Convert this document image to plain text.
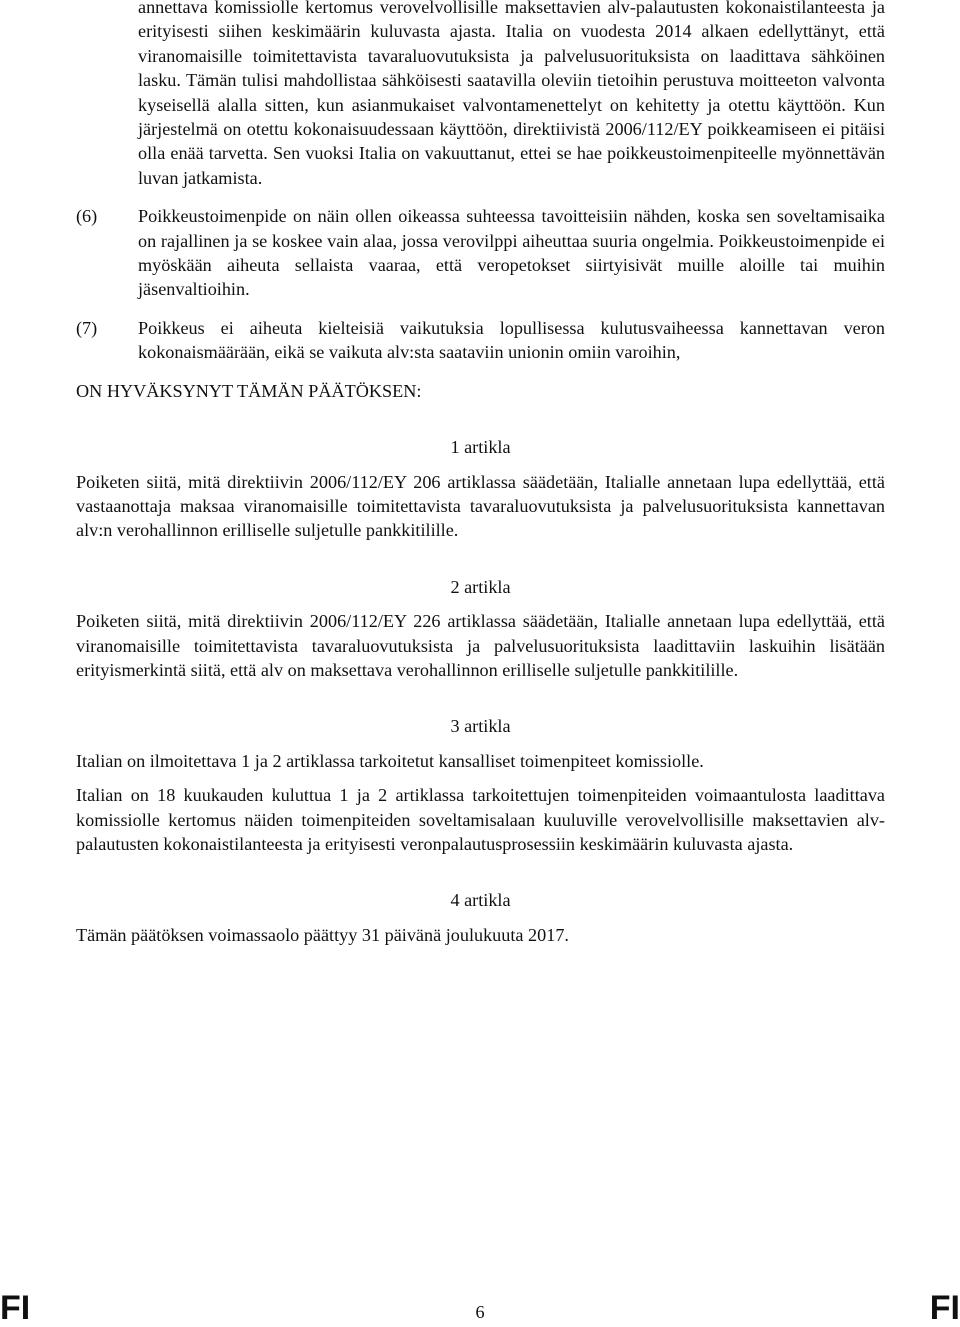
annettava komissiolle kertomus verovelvollisille maksettavien alv-palautusten kokonaistilanteesta ja erityisesti siihen keskimäärin kuluvasta ajasta. Italia on vuodesta 2014 alkaen edellyttänyt, että viranomaisille toimitettavista tavaraluovutuksista ja palvelusuorituksista on laadittava sähköinen lasku. Tämän tulisi mahdollistaa sähköisesti saatavilla oleviin tietoihin perustuva moitteeton valvonta kyseisellä alalla sitten, kun asianmukaiset valvontamenettelyt on kehitetty ja otettu käyttöön. Kun järjestelmä on otettu kokonaisuudessaan käyttöön, direktiivistä 2006/112/EY poikkeamiseen ei pitäisi olla enää tarvetta. Sen vuoksi Italia on vakuuttanut, ettei se hae poikkeustoimenpiteelle myönnettävän luvan jatkamista.

(6)	Poikkeustoimenpide on näin ollen oikeassa suhteessa tavoitteisiin nähden, koska sen soveltamisaika on rajallinen ja se koskee vain alaa, jossa verovilppi aiheuttaa suuria ongelmia. Poikkeustoimenpide ei myöskään aiheuta sellaista vaaraa, että veropetokset siirtyisivät muille aloille tai muihin jäsenvaltioihin.
(7)	Poikkeus ei aiheuta kielteisiä vaikutuksia lopullisessa kulutusvaiheessa kannettavan veron kokonaismäärään, eikä se vaikuta alv:sta saataviin unionin omiin varoihin,

ON HYVÄKSYNYT TÄMÄN PÄÄTÖKSEN:

1 artikla

Poiketen siitä, mitä direktiivin 2006/112/EY 206 artiklassa säädetään, Italialle annetaan lupa edellyttää, että vastaanottaja maksaa viranomaisille toimitettavista tavaraluovutuksista ja palvelusuorituksista kannettavan alv:n verohallinnon erilliselle suljetulle pankkitilille.

2 artikla

Poiketen siitä, mitä direktiivin 2006/112/EY 226 artiklassa säädetään, Italialle annetaan lupa edellyttää, että viranomaisille toimitettavista tavaraluovutuksista ja palvelusuorituksista laadittaviin laskuihin lisätään erityismerkintä siitä, että alv on maksettava verohallinnon erilliselle suljetulle pankkitilille.

3 artikla

Italian on ilmoitettava 1 ja 2 artiklassa tarkoitetut kansalliset toimenpiteet komissiolle.

Italian on 18 kuukauden kuluttua 1 ja 2 artiklassa tarkoitettujen toimenpiteiden voimaantulosta laadittava komissiolle kertomus näiden toimenpiteiden soveltamisalaan kuuluville verovelvollisille maksettavien alv-palautusten kokonaistilanteesta ja erityisesti veronpalautusprosessiin keskimäärin kuluvasta ajasta.

4 artikla

Tämän päätöksen voimassaolo päättyy 31 päivänä joulukuuta 2017.

FI	6	FI
